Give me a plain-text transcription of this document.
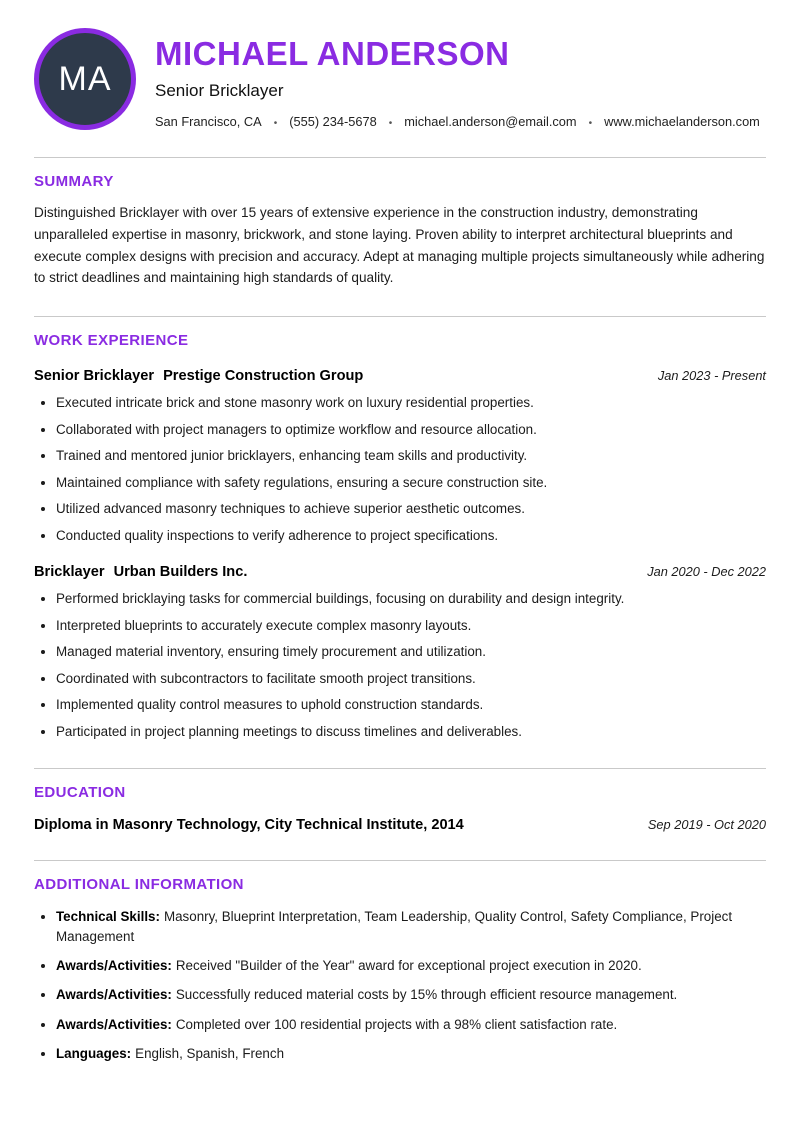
MA
MICHAEL ANDERSON
Senior Bricklayer
San Francisco, CA	• (555) 234-5678	• michael.anderson@email.com	• www.michaelanderson.com
SUMMARY

Distinguished Bricklayer with over 15 years of extensive experience in the construction industry, demonstrating unparalleled expertise in masonry, brickwork, and stone laying. Proven ability to interpret architectural blueprints and execute complex designs with precision and accuracy. Adept at managing multiple projects simultaneously while adhering to strict deadlines and maintaining high standards of quality.

WORK EXPERIENCE
Senior Bricklayer Prestige Construction Group	Jan 2023 - Present
• Executed intricate brick and stone masonry work on luxury residential properties.
• Collaborated with project managers to optimize workflow and resource allocation.
• Trained and mentored junior bricklayers, enhancing team skills and productivity.
• Maintained compliance with safety regulations, ensuring a secure construction site.
• Utilized advanced masonry techniques to achieve superior aesthetic outcomes.
• Conducted quality inspections to verify adherence to project specifications.
Bricklayer Urban Builders Inc.	Jan 2020 - Dec 2022
• Performed bricklaying tasks for commercial buildings, focusing on durability and design integrity.
• Interpreted blueprints to accurately execute complex masonry layouts.
• Managed material inventory, ensuring timely procurement and utilization.
• Coordinated with subcontractors to facilitate smooth project transitions.
• Implemented quality control measures to uphold construction standards.
• Participated in project planning meetings to discuss timelines and deliverables.
EDUCATION
Diploma in Masonry Technology, City Technical Institute, 2014	Sep 2019 - Oct 2020
ADDITIONAL INFORMATION
• Technical Skills: Masonry, Blueprint Interpretation, Team Leadership, Quality Control, Safety Compliance, Project Management
• Awards/Activities: Received "Builder of the Year" award for exceptional project execution in 2020.
• Awards/Activities: Successfully reduced material costs by 15% through efficient resource management.
• Awards/Activities: Completed over 100 residential projects with a 98% client satisfaction rate.
• Languages: English, Spanish, French
